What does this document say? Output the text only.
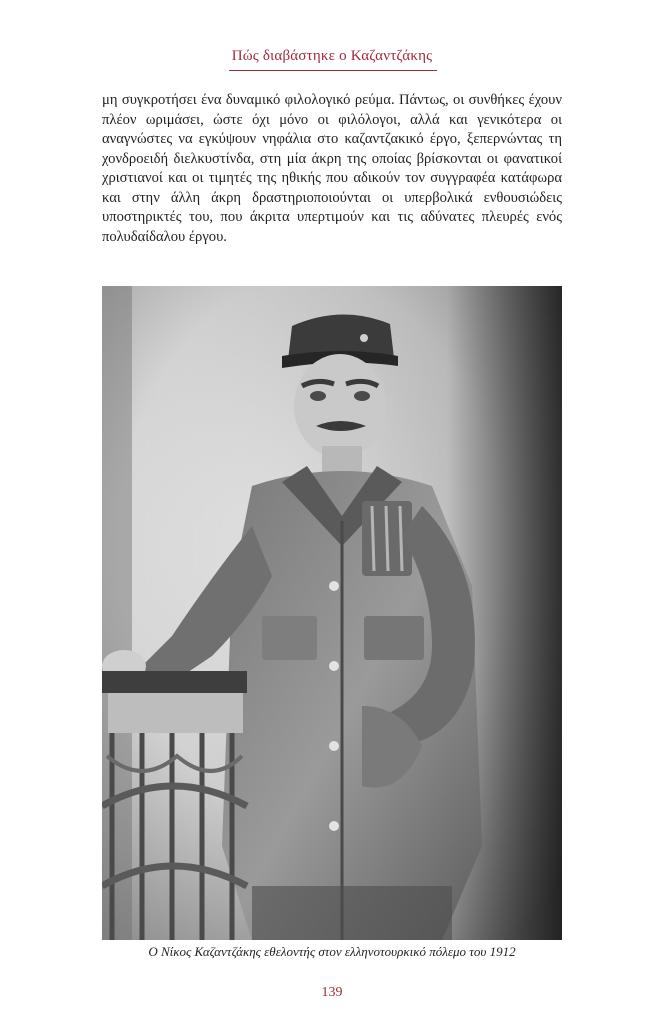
Πώς διαβάστηκε ο Καζαντζάκης

μη συγκροτήσει ένα δυναμικό φιλολογικό ρεύμα. Πάντως, οι συνθήκες έχουν πλέον ωριμάσει, ώστε όχι μόνο οι φιλόλογοι, αλλά και γενικότερα οι αναγνώστες να εγκύψουν νηφάλια στο καζαντζακικό έργο, ξεπερνώντας τη χονδροειδή διελκυστίνδα, στη μία άκρη της οποίας βρίσκονται οι φανατικοί χριστιανοί και οι τιμητές της ηθικής που αδικούν τον συγγραφέα κατάφωρα και στην άλλη άκρη δραστηριοποιούνται οι υπερβολικά ενθουσιώδεις υποστηρικτές του, που άκριτα υπερτιμούν και τις αδύνατες πλευρές ενός πολυδαίδαλου έργου.

Ο Νίκος Καζαντζάκης εθελοντής στον ελληνοτουρκικό πόλεμο του 1912
139
